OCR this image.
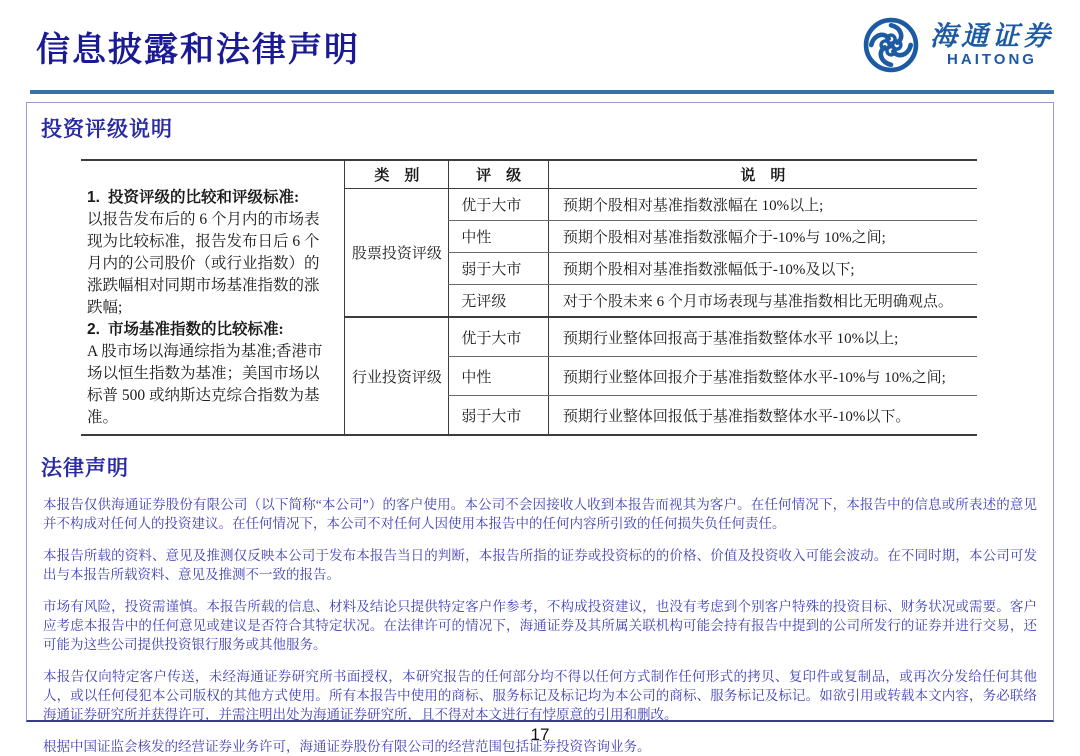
信息披露和法律声明	海通证券
HAITONG
投资评级说明
1. 投资评级的比较和评级标准:
以报告发布后的 6 个月内的市场表现为比较标准，报告发布日后 6 个月内的公司股价（或行业指数）的涨跌幅相对同期市场基准指数的涨跌幅;
2. 市场基准指数的比较标准:
A 股市场以海通综指为基准;香港市场以恒生指数为基准；美国市场以标普 500 或纳斯达克综合指数为基准。	类　别	评　级	说　明
	股票投资评级	优于大市	预期个股相对基准指数涨幅在 10%以上;
		中性	预期个股相对基准指数涨幅介于-10%与 10%之间;
		弱于大市	预期个股相对基准指数涨幅低于-10%及以下;
		无评级	对于个股未来 6 个月市场表现与基准指数相比无明确观点。
	行业投资评级	优于大市	预期行业整体回报高于基准指数整体水平 10%以上;
		中性	预期行业整体回报介于基准指数整体水平-10%与 10%之间;
		弱于大市	预期行业整体回报低于基准指数整体水平-10%以下。
法律声明

本报告仅供海通证券股份有限公司（以下简称“本公司”）的客户使用。本公司不会因接收人收到本报告而视其为客户。在任何情况下，本报告中的信息或所表述的意见并不构成对任何人的投资建议。在任何情况下，本公司不对任何人因使用本报告中的任何内容所引致的任何损失负任何责任。

本报告所载的资料、意见及推测仅反映本公司于发布本报告当日的判断，本报告所指的证券或投资标的的价格、价值及投资收入可能会波动。在不同时期，本公司可发出与本报告所载资料、意见及推测不一致的报告。

市场有风险，投资需谨慎。本报告所载的信息、材料及结论只提供特定客户作参考，不构成投资建议，也没有考虑到个别客户特殊的投资目标、财务状况或需要。客户应考虑本报告中的任何意见或建议是否符合其特定状况。在法律许可的情况下，海通证券及其所属关联机构可能会持有报告中提到的公司所发行的证券并进行交易，还可能为这些公司提供投资银行服务或其他服务。

本报告仅向特定客户传送，未经海通证券研究所书面授权，本研究报告的任何部分均不得以任何方式制作任何形式的拷贝、复印件或复制品，或再次分发给任何其他人，或以任何侵犯本公司版权的其他方式使用。所有本报告中使用的商标、服务标记及标记均为本公司的商标、服务标记及标记。如欲引用或转载本文内容，务必联络海通证券研究所并获得许可，并需注明出处为海通证券研究所，且不得对本文进行有悖原意的引用和删改。

根据中国证监会核发的经营证券业务许可，海通证券股份有限公司的经营范围包括证券投资咨询业务。

17
